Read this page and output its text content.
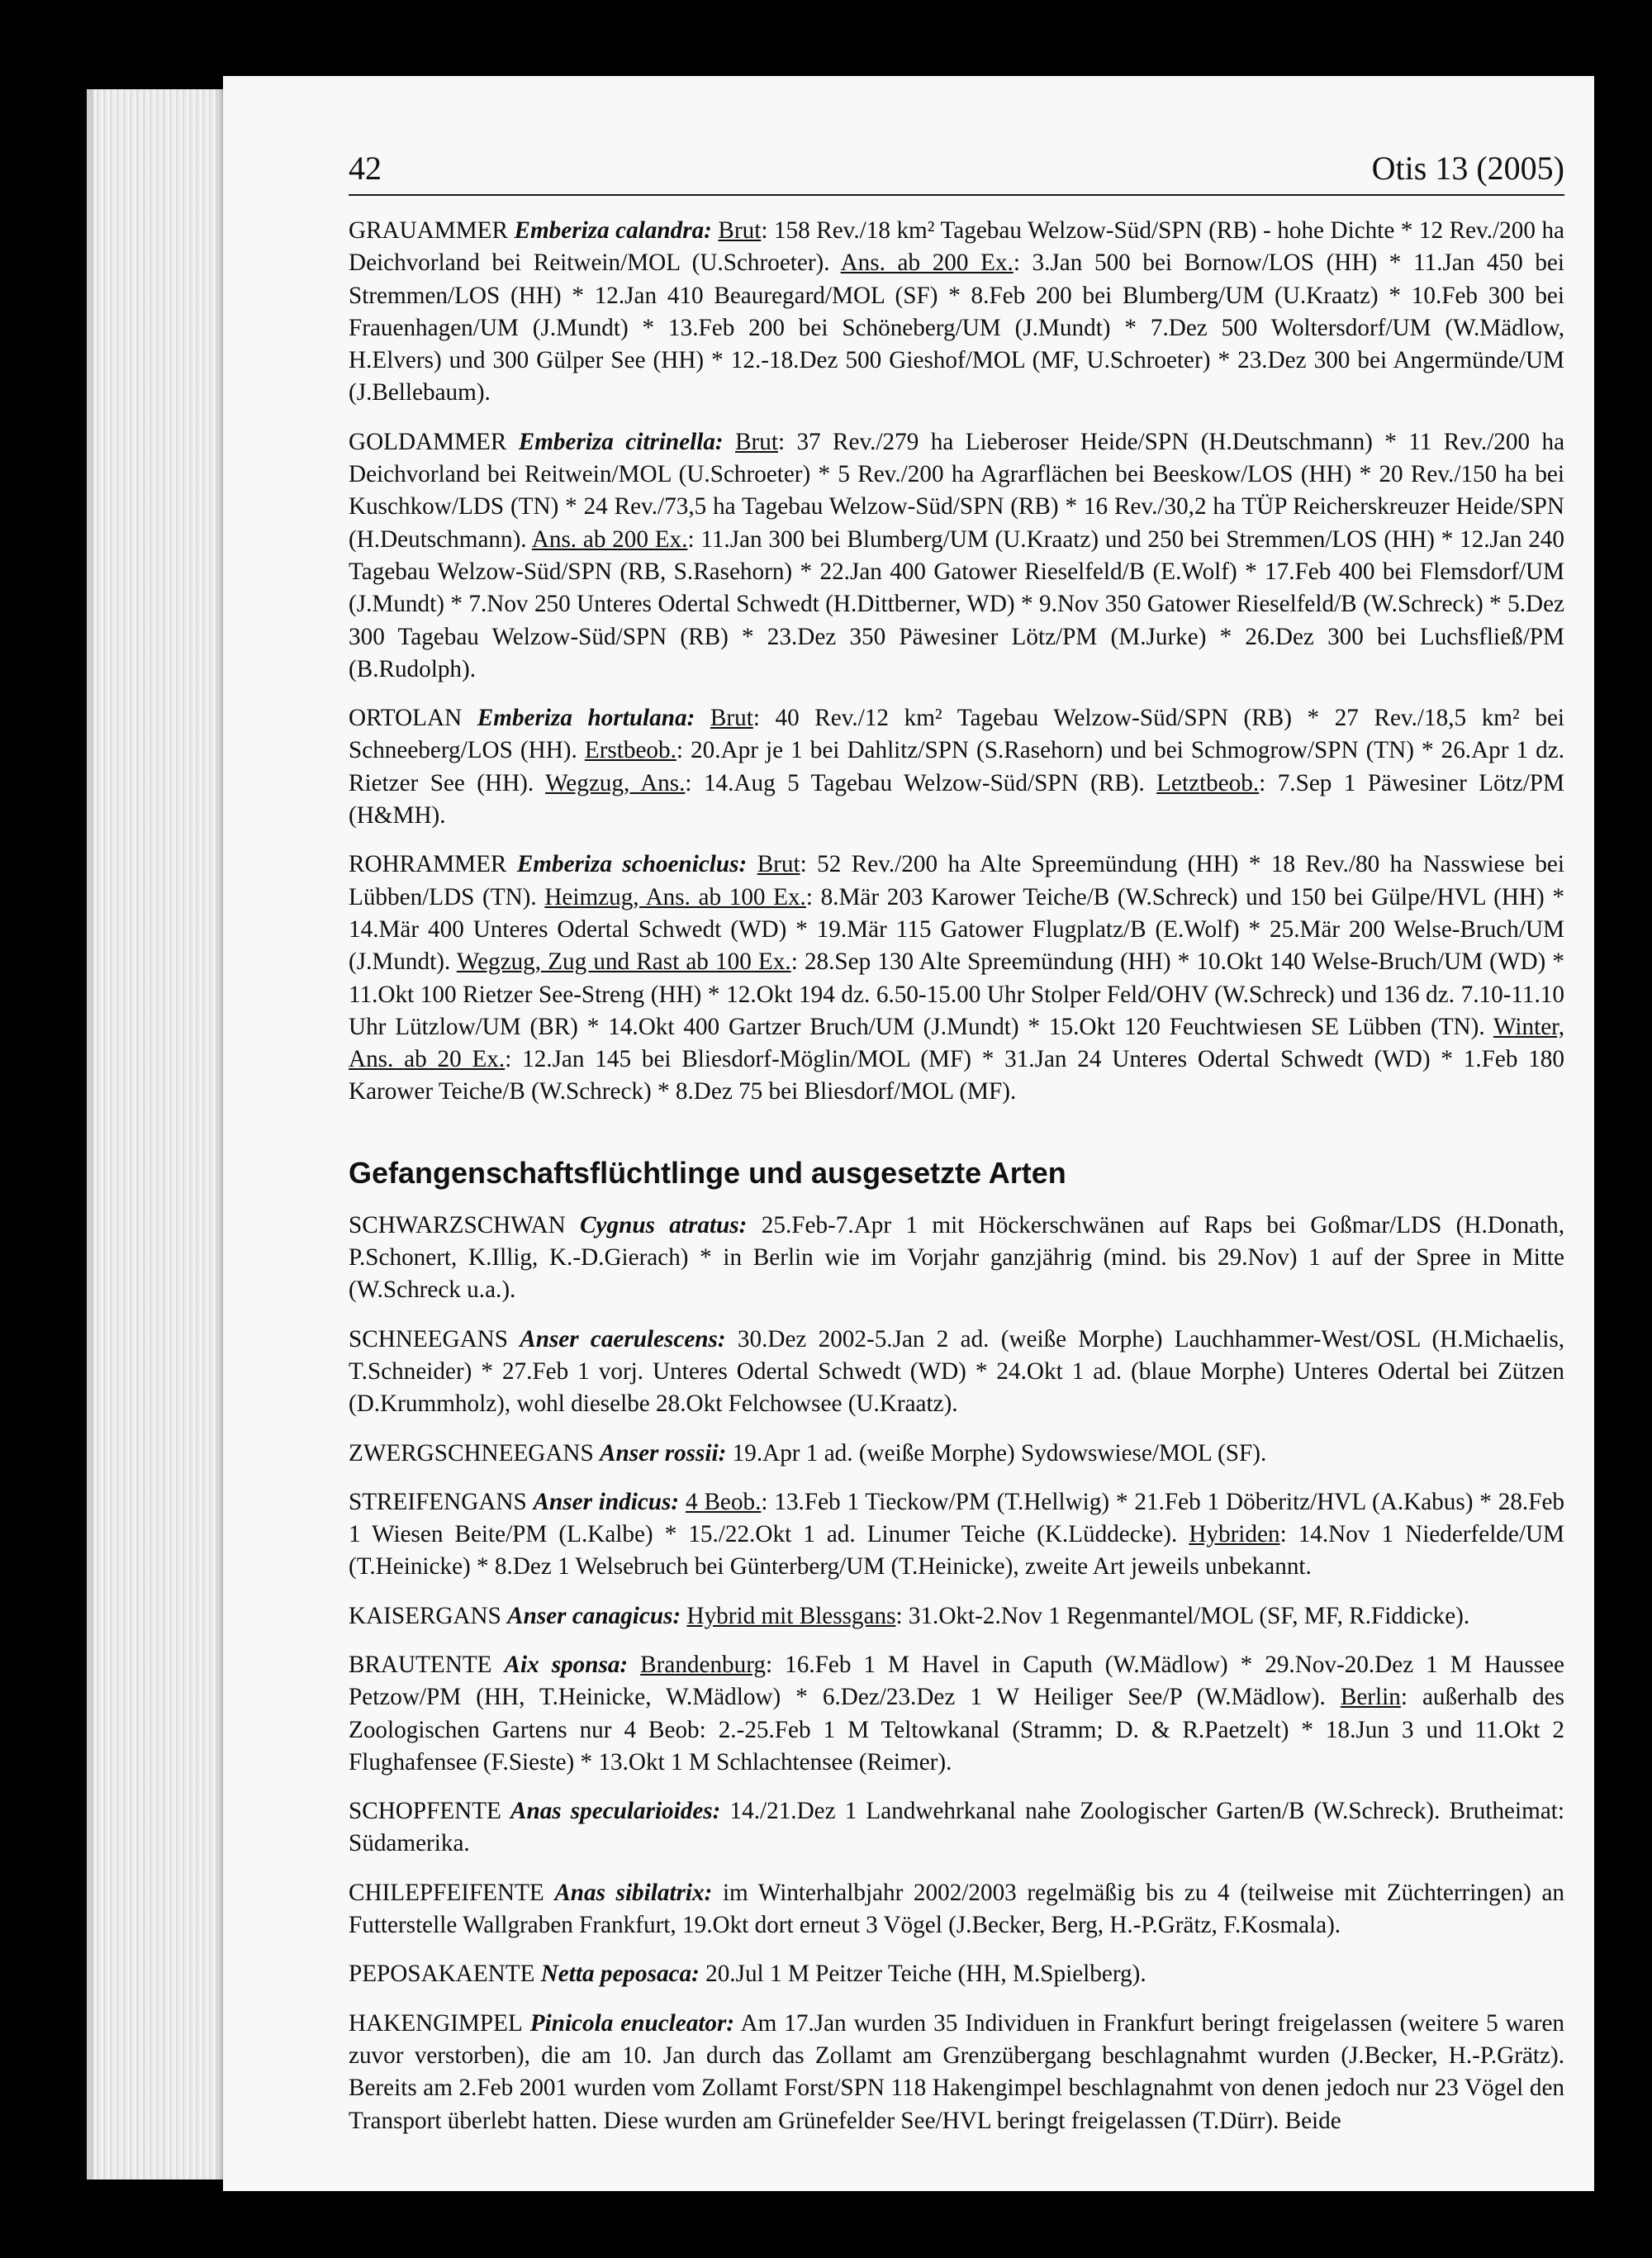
42	Otis 13 (2005)

GRAUAMMER Emberiza calandra: Brut: 158 Rev./18 km² Tagebau Welzow-Süd/SPN (RB) - hohe Dichte * 12 Rev./200 ha Deichvorland bei Reitwein/MOL (U.Schroeter). Ans. ab 200 Ex.: 3.Jan 500 bei Bornow/LOS (HH) * 11.Jan 450 bei Stremmen/LOS (HH) * 12.Jan 410 Beauregard/MOL (SF) * 8.Feb 200 bei Blumberg/UM (U.Kraatz) * 10.Feb 300 bei Frauenhagen/UM (J.Mundt) * 13.Feb 200 bei Schöneberg/UM (J.Mundt) * 7.Dez 500 Woltersdorf/UM (W.Mädlow, H.Elvers) und 300 Gülper See (HH) * 12.-18.Dez 500 Gieshof/MOL (MF, U.Schroeter) * 23.Dez 300 bei Angermünde/UM (J.Bellebaum).

GOLDAMMER Emberiza citrinella: Brut: 37 Rev./279 ha Lieberoser Heide/SPN (H.Deutschmann) * 11 Rev./200 ha Deichvorland bei Reitwein/MOL (U.Schroeter) * 5 Rev./200 ha Agrarflächen bei Beeskow/LOS (HH) * 20 Rev./150 ha bei Kuschkow/LDS (TN) * 24 Rev./73,5 ha Tagebau Welzow-Süd/SPN (RB) * 16 Rev./30,2 ha TÜP Reicherskreuzer Heide/SPN (H.Deutschmann). Ans. ab 200 Ex.: 11.Jan 300 bei Blumberg/UM (U.Kraatz) und 250 bei Stremmen/LOS (HH) * 12.Jan 240 Tagebau Welzow-Süd/SPN (RB, S.Rasehorn) * 22.Jan 400 Gatower Rieselfeld/B (E.Wolf) * 17.Feb 400 bei Flemsdorf/UM (J.Mundt) * 7.Nov 250 Unteres Odertal Schwedt (H.Dittberner, WD) * 9.Nov 350 Gatower Rieselfeld/B (W.Schreck) * 5.Dez 300 Tagebau Welzow-Süd/SPN (RB) * 23.Dez 350 Päwesiner Lötz/PM (M.Jurke) * 26.Dez 300 bei Luchsfließ/PM (B.Rudolph).

ORTOLAN Emberiza hortulana: Brut: 40 Rev./12 km² Tagebau Welzow-Süd/SPN (RB) * 27 Rev./18,5 km² bei Schneeberg/LOS (HH). Erstbeob.: 20.Apr je 1 bei Dahlitz/SPN (S.Rasehorn) und bei Schmogrow/SPN (TN) * 26.Apr 1 dz. Rietzer See (HH). Wegzug, Ans.: 14.Aug 5 Tagebau Welzow-Süd/SPN (RB). Letztbeob.: 7.Sep 1 Päwesiner Lötz/PM (H&MH).

ROHRAMMER Emberiza schoeniclus: Brut: 52 Rev./200 ha Alte Spreemündung (HH) * 18 Rev./80 ha Nasswiese bei Lübben/LDS (TN). Heimzug, Ans. ab 100 Ex.: 8.Mär 203 Karower Teiche/B (W.Schreck) und 150 bei Gülpe/HVL (HH) * 14.Mär 400 Unteres Odertal Schwedt (WD) * 19.Mär 115 Gatower Flugplatz/B (E.Wolf) * 25.Mär 200 Welse-Bruch/UM (J.Mundt). Wegzug, Zug und Rast ab 100 Ex.: 28.Sep 130 Alte Spreemündung (HH) * 10.Okt 140 Welse-Bruch/UM (WD) * 11.Okt 100 Rietzer See-Streng (HH) * 12.Okt 194 dz. 6.50-15.00 Uhr Stolper Feld/OHV (W.Schreck) und 136 dz. 7.10-11.10 Uhr Lützlow/UM (BR) * 14.Okt 400 Gartzer Bruch/UM (J.Mundt) * 15.Okt 120 Feuchtwiesen SE Lübben (TN). Winter, Ans. ab 20 Ex.: 12.Jan 145 bei Bliesdorf-Möglin/MOL (MF) * 31.Jan 24 Unteres Odertal Schwedt (WD) * 1.Feb 180 Karower Teiche/B (W.Schreck) * 8.Dez 75 bei Bliesdorf/MOL (MF).

Gefangenschaftsflüchtlinge und ausgesetzte Arten

SCHWARZSCHWAN Cygnus atratus: 25.Feb-7.Apr 1 mit Höckerschwänen auf Raps bei Goßmar/LDS (H.Donath, P.Schonert, K.Illig, K.-D.Gierach) * in Berlin wie im Vorjahr ganzjährig (mind. bis 29.Nov) 1 auf der Spree in Mitte (W.Schreck u.a.).

SCHNEEGANS Anser caerulescens: 30.Dez 2002-5.Jan 2 ad. (weiße Morphe) Lauchhammer-West/OSL (H.Michaelis, T.Schneider) * 27.Feb 1 vorj. Unteres Odertal Schwedt (WD) * 24.Okt 1 ad. (blaue Morphe) Unteres Odertal bei Zützen (D.Krummholz), wohl dieselbe 28.Okt Felchowsee (U.Kraatz).

ZWERGSCHNEEGANS Anser rossii: 19.Apr 1 ad. (weiße Morphe) Sydowswiese/MOL (SF).

STREIFENGANS Anser indicus: 4 Beob.: 13.Feb 1 Tieckow/PM (T.Hellwig) * 21.Feb 1 Döberitz/HVL (A.Kabus) * 28.Feb 1 Wiesen Beite/PM (L.Kalbe) * 15./22.Okt 1 ad. Linumer Teiche (K.Lüddecke). Hybriden: 14.Nov 1 Niederfelde/UM (T.Heinicke) * 8.Dez 1 Welsebruch bei Günterberg/UM (T.Heinicke), zweite Art jeweils unbekannt.

KAISERGANS Anser canagicus: Hybrid mit Blessgans: 31.Okt-2.Nov 1 Regenmantel/MOL (SF, MF, R.Fiddicke).

BRAUTENTE Aix sponsa: Brandenburg: 16.Feb 1 M Havel in Caputh (W.Mädlow) * 29.Nov-20.Dez 1 M Haussee Petzow/PM (HH, T.Heinicke, W.Mädlow) * 6.Dez/23.Dez 1 W Heiliger See/P (W.Mädlow). Berlin: außerhalb des Zoologischen Gartens nur 4 Beob: 2.-25.Feb 1 M Teltowkanal (Stramm; D. & R.Paetzelt) * 18.Jun 3 und 11.Okt 2 Flughafensee (F.Sieste) * 13.Okt 1 M Schlachtensee (Reimer).

SCHOPFENTE Anas specularioides: 14./21.Dez 1 Landwehrkanal nahe Zoologischer Garten/B (W.Schreck). Brutheimat: Südamerika.

CHILEPFEIFENTE Anas sibilatrix: im Winterhalbjahr 2002/2003 regelmäßig bis zu 4 (teilweise mit Züchterringen) an Futterstelle Wallgraben Frankfurt, 19.Okt dort erneut 3 Vögel (J.Becker, Berg, H.-P.Grätz, F.Kosmala).

PEPOSAKAENTE Netta peposaca: 20.Jul 1 M Peitzer Teiche (HH, M.Spielberg).

HAKENGIMPEL Pinicola enucleator: Am 17.Jan wurden 35 Individuen in Frankfurt beringt freigelassen (weitere 5 waren zuvor verstorben), die am 10. Jan durch das Zollamt am Grenzübergang beschlagnahmt wurden (J.Becker, H.-P.Grätz). Bereits am 2.Feb 2001 wurden vom Zollamt Forst/SPN 118 Hakengimpel beschlagnahmt von denen jedoch nur 23 Vögel den Transport überlebt hatten. Diese wurden am Grünefelder See/HVL beringt freigelassen (T.Dürr). Beide
